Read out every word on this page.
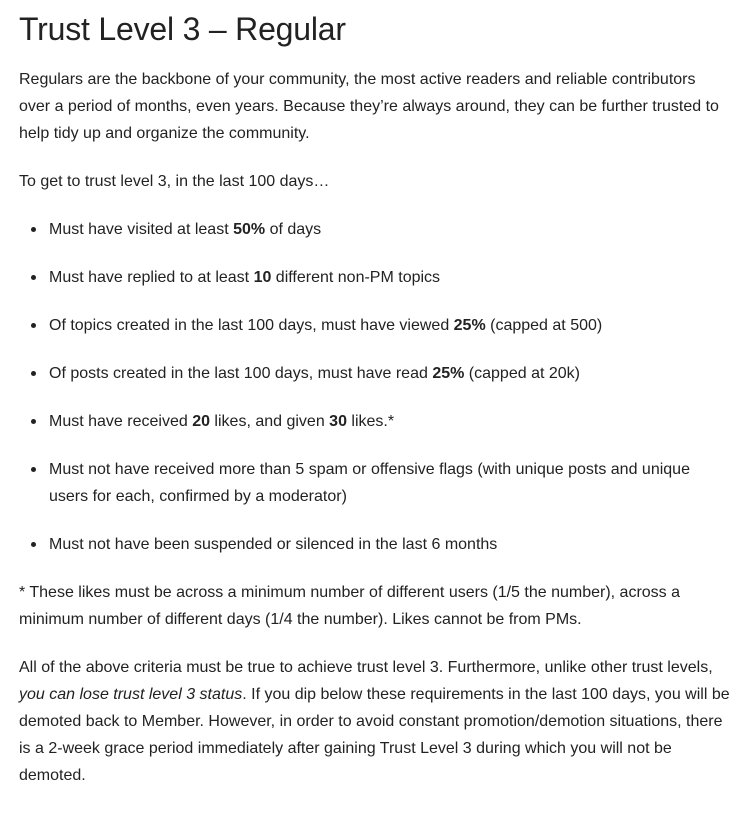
Trust Level 3 – Regular

Regulars are the backbone of your community, the most active readers and reliable contributors over a period of months, even years. Because they’re always around, they can be further trusted to help tidy up and organize the community.

To get to trust level 3, in the last 100 days…

Must have visited at least 50% of days
Must have replied to at least 10 different non-PM topics
Of topics created in the last 100 days, must have viewed 25% (capped at 500)
Of posts created in the last 100 days, must have read 25% (capped at 20k)
Must have received 20 likes, and given 30 likes.*
Must not have received more than 5 spam or offensive flags (with unique posts and unique users for each, confirmed by a moderator)
Must not have been suspended or silenced in the last 6 months

* These likes must be across a minimum number of different users (1/5 the number), across a minimum number of different days (1/4 the number). Likes cannot be from PMs.

All of the above criteria must be true to achieve trust level 3. Furthermore, unlike other trust levels, you can lose trust level 3 status. If you dip below these requirements in the last 100 days, you will be demoted back to Member. However, in order to avoid constant promotion/demotion situations, there is a 2-week grace period immediately after gaining Trust Level 3 during which you will not be demoted.
